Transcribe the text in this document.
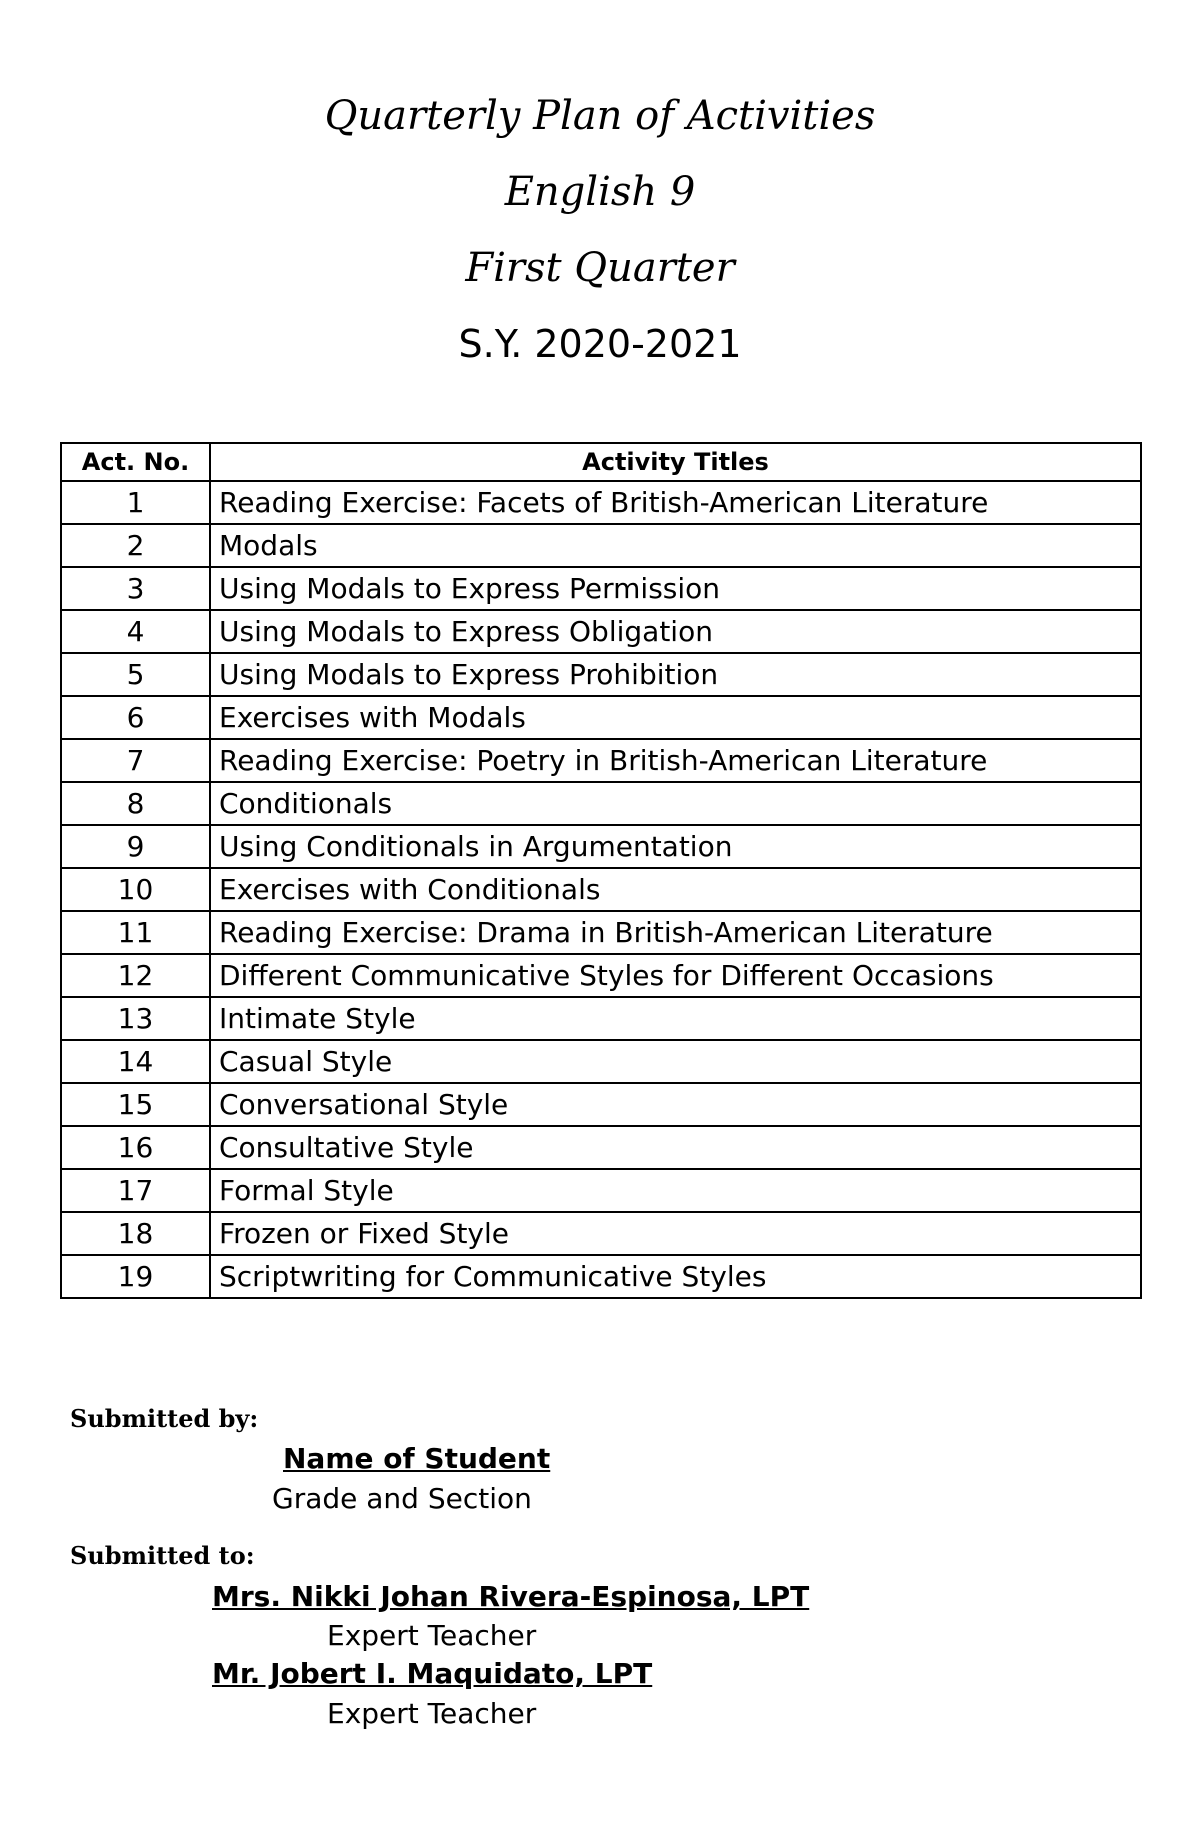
Quarterly Plan of Activities
English 9
First Quarter
S.Y. 2020-2021
Act. No.	Activity Titles
1	Reading Exercise: Facets of British-American Literature
2	Modals
3	Using Modals to Express Permission
4	Using Modals to Express Obligation
5	Using Modals to Express Prohibition
6	Exercises with Modals
7	Reading Exercise: Poetry in British-American Literature
8	Conditionals
9	Using Conditionals in Argumentation
10	Exercises with Conditionals
11	Reading Exercise: Drama in British-American Literature
12	Different Communicative Styles for Different Occasions
13	Intimate Style
14	Casual Style
15	Conversational Style
16	Consultative Style
17	Formal Style
18	Frozen or Fixed Style
19	Scriptwriting for Communicative Styles
Submitted by:
Name of Student
Grade and Section
Submitted to:
Mrs. Nikki Johan Rivera-Espinosa, LPT
Expert Teacher
Mr. Jobert I. Maquidato, LPT
Expert Teacher
